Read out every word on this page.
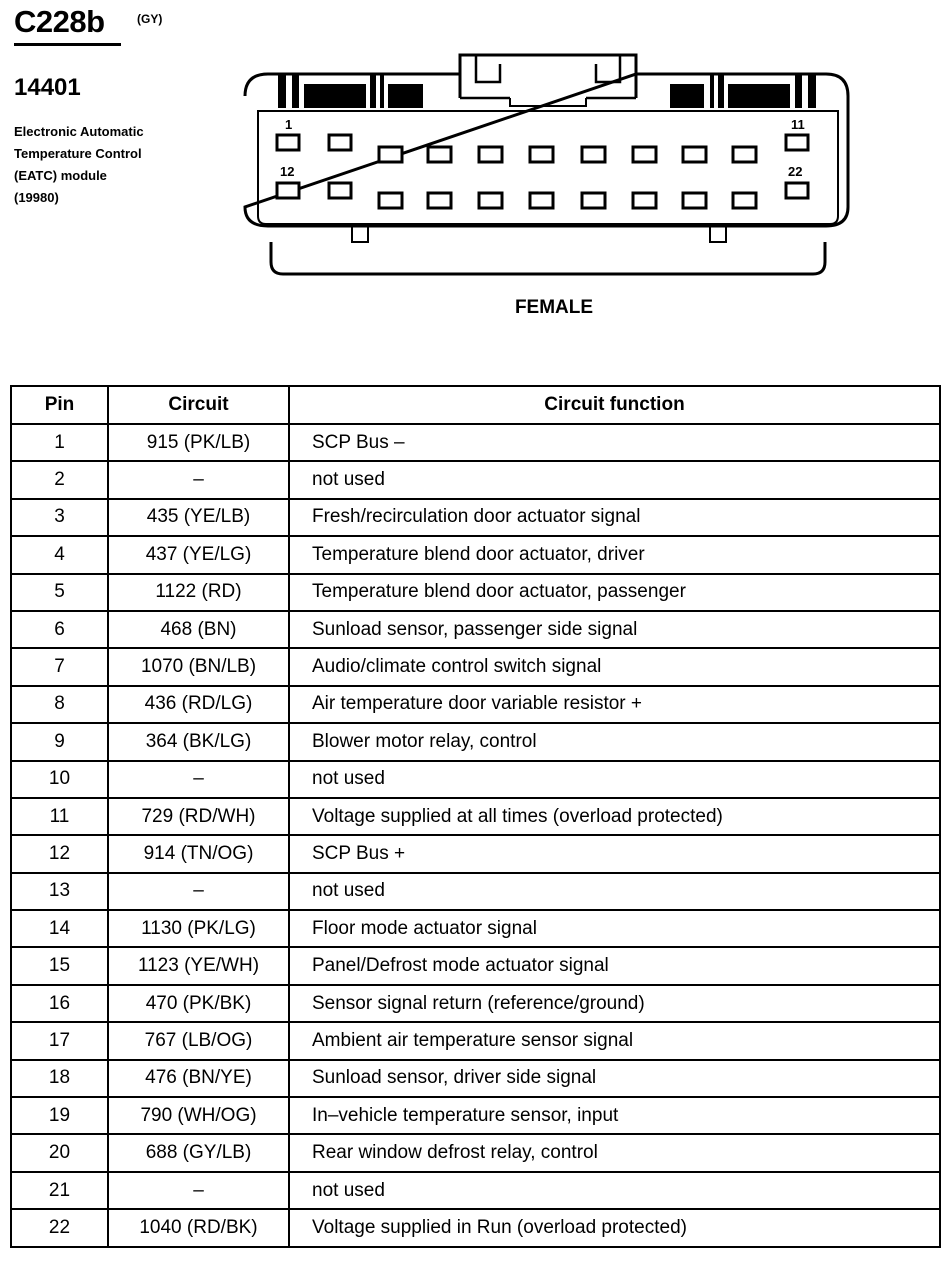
C228b	(GY)
14401
Electronic Automatic
Temperature Control
(EATC) module
(19980)
1	11
12	22
FEMALE
Pin	Circuit	Circuit function
1	915 (PK/LB)	SCP Bus –
2	–	not used
3	435 (YE/LB)	Fresh/recirculation door actuator signal
4	437 (YE/LG)	Temperature blend door actuator, driver
5	1122 (RD)	Temperature blend door actuator, passenger
6	468 (BN)	Sunload sensor, passenger side signal
7	1070 (BN/LB)	Audio/climate control switch signal
8	436 (RD/LG)	Air temperature door variable resistor +
9	364 (BK/LG)	Blower motor relay, control
10	–	not used
11	729 (RD/WH)	Voltage supplied at all times (overload protected)
12	914 (TN/OG)	SCP Bus +
13	–	not used
14	1130 (PK/LG)	Floor mode actuator signal
15	1123 (YE/WH)	Panel/Defrost mode actuator signal
16	470 (PK/BK)	Sensor signal return (reference/ground)
17	767 (LB/OG)	Ambient air temperature sensor signal
18	476 (BN/YE)	Sunload sensor, driver side signal
19	790 (WH/OG)	In–vehicle temperature sensor, input
20	688 (GY/LB)	Rear window defrost relay, control
21	–	not used
22	1040 (RD/BK)	Voltage supplied in Run (overload protected)
